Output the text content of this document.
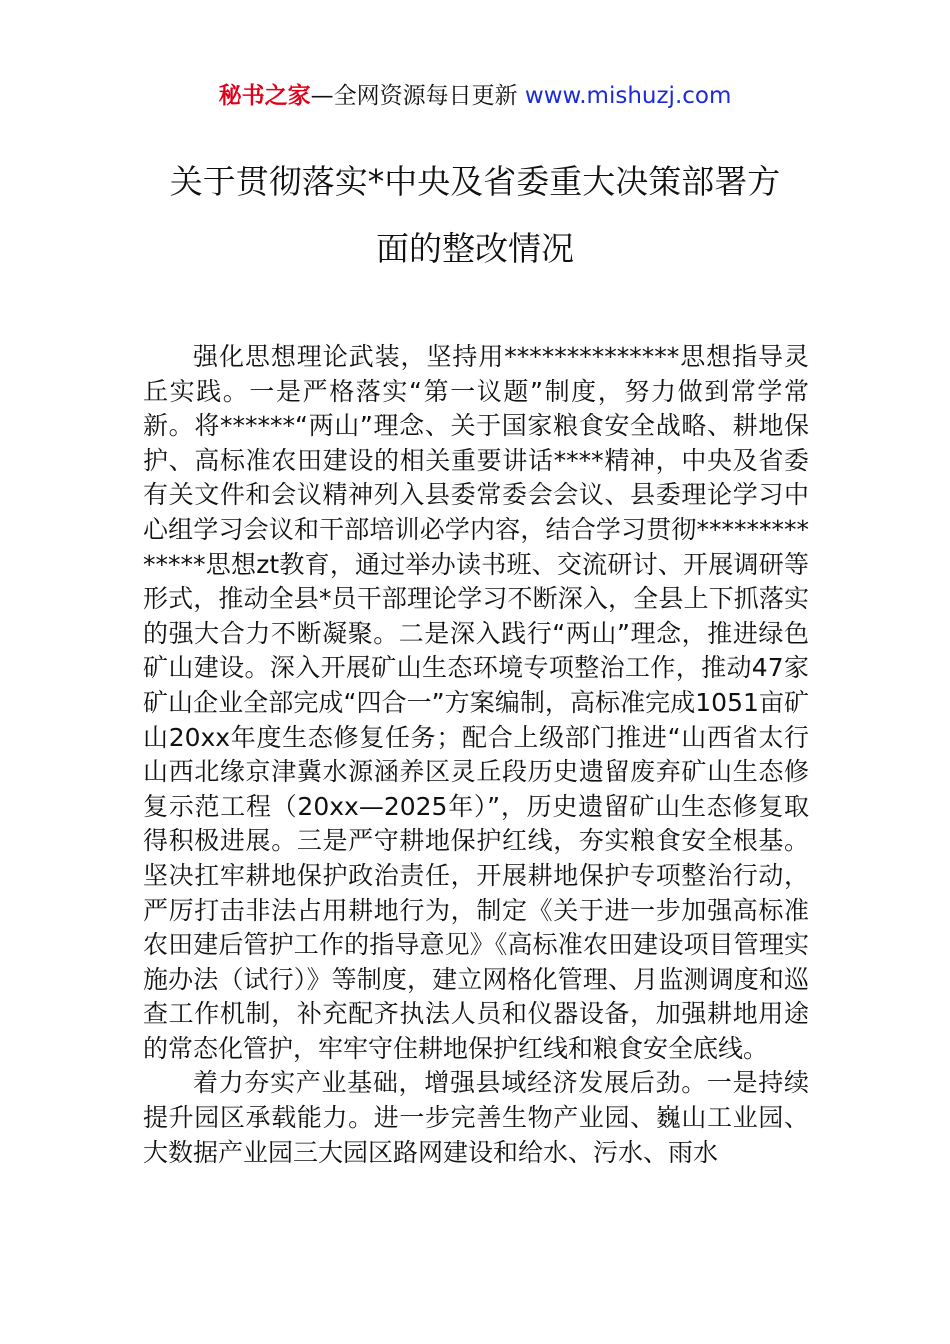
秘书之家—全网资源每日更新 www.mishuzj.com
关于贯彻落实*中央及省委重大决策部署方
面的整改情况

强化思想理论武装，坚持用**************思想指导灵丘实践。一是严格落实“第一议题”制度，努力做到常学常新。将******“两山”理念、关于国家粮食安全战略、耕地保护、高标准农田建设的相关重要讲话****精神，中央及省委有关文件和会议精神列入县委常委会会议、县委理论学习中心组学习会议和干部培训必学内容，结合学习贯彻**************思想zt教育，通过举办读书班、交流研讨、开展调研等形式，推动全县*员干部理论学习不断深入，全县上下抓落实的强大合力不断凝聚。二是深入践行“两山”理念，推进绿色矿山建设。深入开展矿山生态环境专项整治工作，推动47家矿山企业全部完成“四合一”方案编制，高标准完成1051亩矿山20xx年度生态修复任务；配合上级部门推进“山西省太行山西北缘京津冀水源涵养区灵丘段历史遗留废弃矿山生态修复示范工程（20xx—2025年）”，历史遗留矿山生态修复取得积极进展。三是严守耕地保护红线，夯实粮食安全根基。坚决扛牢耕地保护政治责任，开展耕地保护专项整治行动，严厉打击非法占用耕地行为，制定《关于进一步加强高标准农田建后管护工作的指导意见》《高标准农田建设项目管理实施办法（试行）》等制度，建立网格化管理、月监测调度和巡查工作机制，补充配齐执法人员和仪器设备，加强耕地用途的常态化管护，牢牢守住耕地保护红线和粮食安全底线。

着力夯实产业基础，增强县域经济发展后劲。一是持续提升园区承载能力。进一步完善生物产业园、巍山工业园、大数据产业园三大园区路网建设和给水、污水、雨水
